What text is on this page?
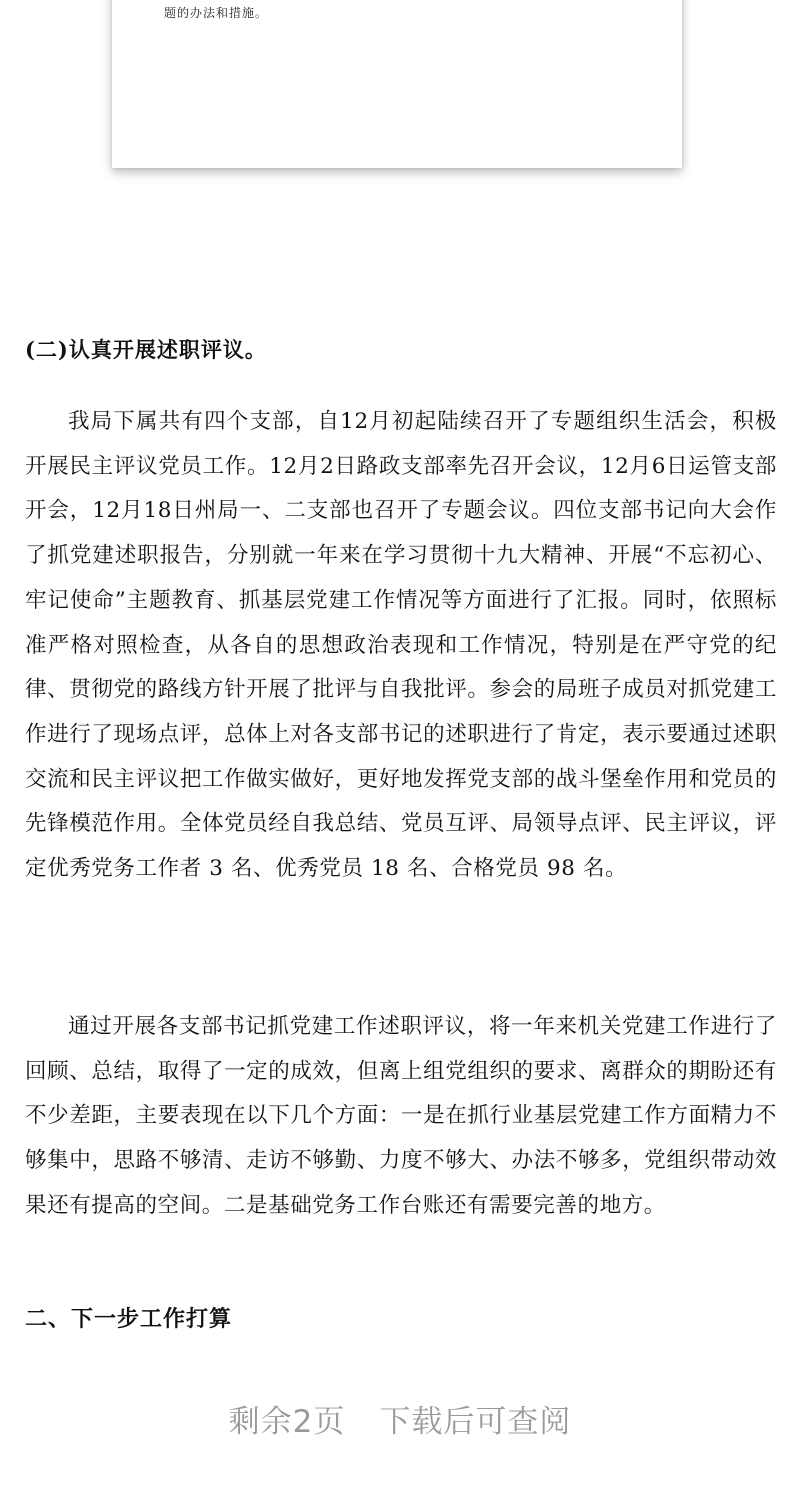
题的办法和措施。
(二)认真开展述职评议。

我局下属共有四个支部，自12月初起陆续召开了专题组织生活会，积极开展民主评议党员工作。12月2日路政支部率先召开会议，12月6日运管支部开会，12月18日州局一、二支部也召开了专题会议。四位支部书记向大会作了抓党建述职报告，分别就一年来在学习贯彻十九大精神、开展“不忘初心、牢记使命”主题教育、抓基层党建工作情况等方面进行了汇报。同时，依照标准严格对照检查，从各自的思想政治表现和工作情况，特别是在严守党的纪律、贯彻党的路线方针开展了批评与自我批评。参会的局班子成员对抓党建工作进行了现场点评，总体上对各支部书记的述职进行了肯定，表示要通过述职交流和民主评议把工作做实做好，更好地发挥党支部的战斗堡垒作用和党员的先锋模范作用。全体党员经自我总结、党员互评、局领导点评、民主评议，评定优秀党务工作者 3 名、优秀党员 18 名、合格党员 98 名。

通过开展各支部书记抓党建工作述职评议，将一年来机关党建工作进行了回顾、总结，取得了一定的成效，但离上组党组织的要求、离群众的期盼还有不少差距，主要表现在以下几个方面：一是在抓行业基层党建工作方面精力不够集中，思路不够清、走访不够勤、力度不够大、办法不够多，党组织带动效果还有提高的空间。二是基础党务工作台账还有需要完善的地方。

二、下一步工作打算
剩余2页 下载后可查阅
